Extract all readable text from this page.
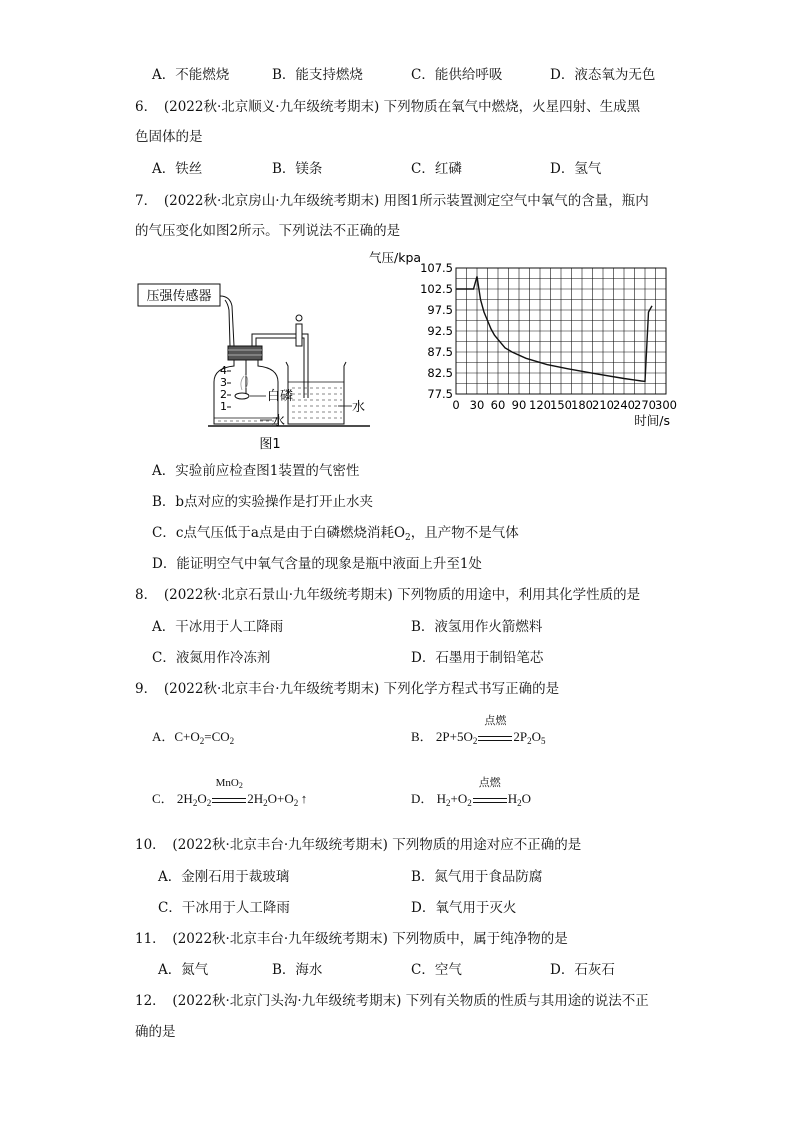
A．不能燃烧	B．能支持燃烧	C．能供给呼吸	D．液态氧为无色
6．　(2022秋·北京顺义·九年级统考期末) 下列物质在氧气中燃烧，火星四射、生成黑
色固体的是
A．铁丝	B．镁条	C．红磷	D．氢气
7．　(2022秋·北京房山·九年级统考期末) 用图1所示装置测定空气中氧气的含量，瓶内
的气压变化如图2所示。下列说法不正确的是
压强传感器
4
3
2
1
白磷
水
水
图1
107.5
102.5
97.5
92.5
87.5
82.5
77.5
0 30 60 90 120 150 180 210 240 270 300
气压/kpa
时间/s
A．实验前应检查图1装置的气密性
B．b点对应的实验操作是打开止水夹
C．c点气压低于a点是由于白磷燃烧消耗$O_2$，且产物不是气体
D．能证明空气中氧气含量的现象是瓶中液面上升至1处
8．　(2022秋·北京石景山·九年级统考期末) 下列物质的用途中，利用其化学性质的是
A．干冰用于人工降雨	B．液氢用作火箭燃料
C．液氮用作冷冻剂	D．石墨用于制铅笔芯
9．　(2022秋·北京丰台·九年级统考期末) 下列化学方程式书写正确的是
A．$C+O_2=CO_2$	B． $2P+5O_2$
点燃
$2P_2O_5$
C． $2H_2O_2$
MnO2
$2H_2O+O_2$ ↑	D． $H_2+O_2$
点燃
$H_2O$
10．　(2022秋·北京丰台·九年级统考期末) 下列物质的用途对应不正确的是
A．金刚石用于裁玻璃	B．氮气用于食品防腐
C．干冰用于人工降雨	D．氧气用于灭火
11．　(2022秋·北京丰台·九年级统考期末) 下列物质中，属于纯净物的是
A．氮气	B．海水	C．空气	D．石灰石
12．　(2022秋·北京门头沟·九年级统考期末) 下列有关物质的性质与其用途的说法不正
确的是
